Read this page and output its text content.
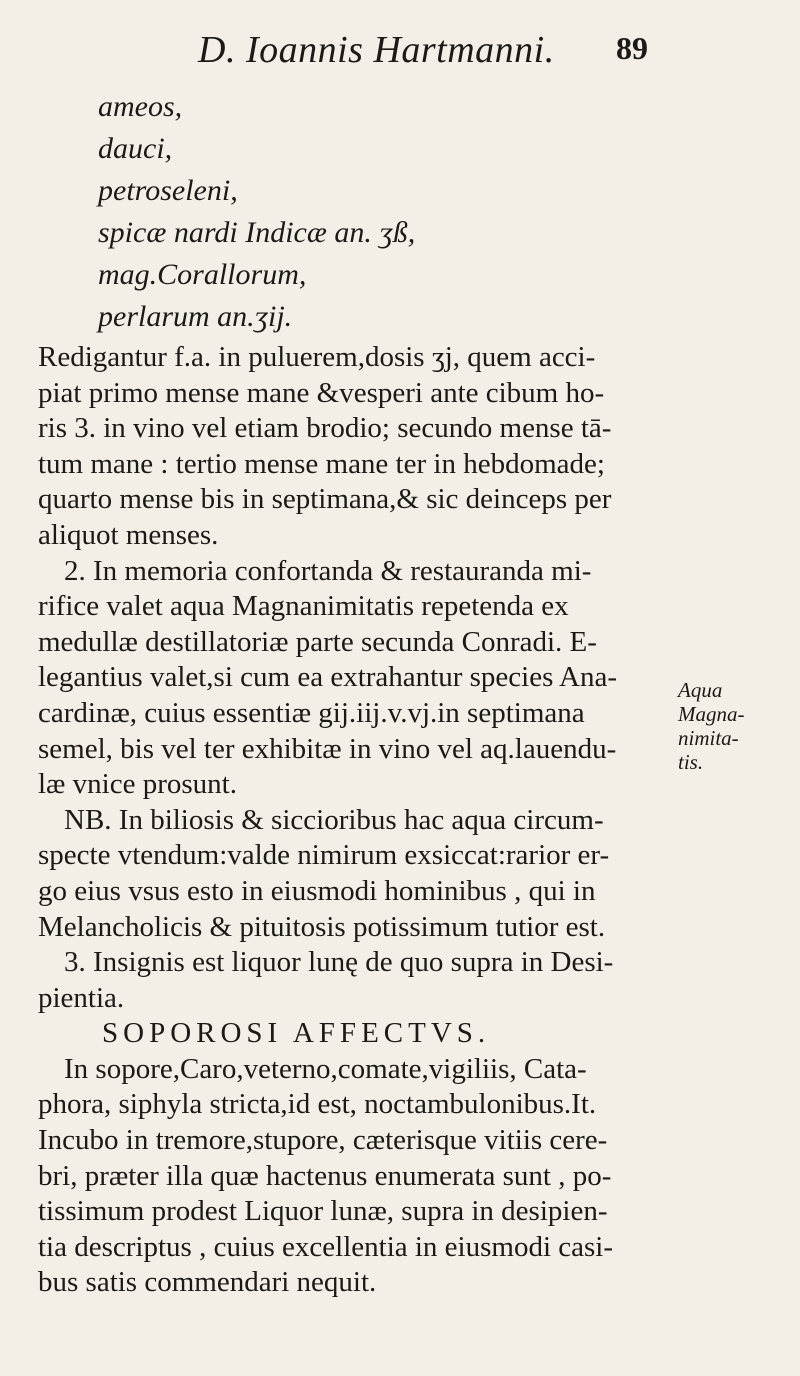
D. Ioannis Hartmanni. 89
ameos,
dauci,
petroseleni,
spicæ nardi Indicæ an. ʒß,
mag.Corallorum,
perlarum an.ʒij.
Redigantur f.a. in puluerem,dosis ʒj, quem acci-
piat primo mense mane &vesperi ante cibum ho-
ris 3. in vino vel etiam brodio; secundo mense tā-
tum mane : tertio mense mane ter in hebdomade;
quarto mense bis in septimana,& sic deinceps per
aliquot menses.
2. In memoria confortanda & restauranda mi-
rifice valet aqua Magnanimitatis repetenda ex
medullæ destillatoriæ parte secunda Conradi. E-
legantius valet,si cum ea extrahantur species Ana-
cardinæ, cuius essentiæ gij.iij.v.vj.in septimana
semel, bis vel ter exhibitæ in vino vel aq.lauendu-
læ vnice prosunt.
NB. In biliosis & siccioribus hac aqua circum-
specte vtendum:valde nimirum exsiccat:rarior er-
go eius vsus esto in eiusmodi hominibus , qui in
Melancholicis & pituitosis potissimum tutior est.
3. Insignis est liquor lunę de quo supra in Desi-
pientia.
SOPOROSI AFFECTVS.
In sopore,Caro,veterno,comate,vigiliis, Cata-
phora, siphyla stricta,id est, noctambulonibus.It.
Incubo in tremore,stupore, cæterisque vitiis cere-
bri, præter illa quæ hactenus enumerata sunt , po-
tissimum prodest Liquor lunæ, supra in desipien-
tia descriptus , cuius excellentia in eiusmodi casi-
bus satis commendari nequit.
Aqua
Magna-
nimita-
tis.
